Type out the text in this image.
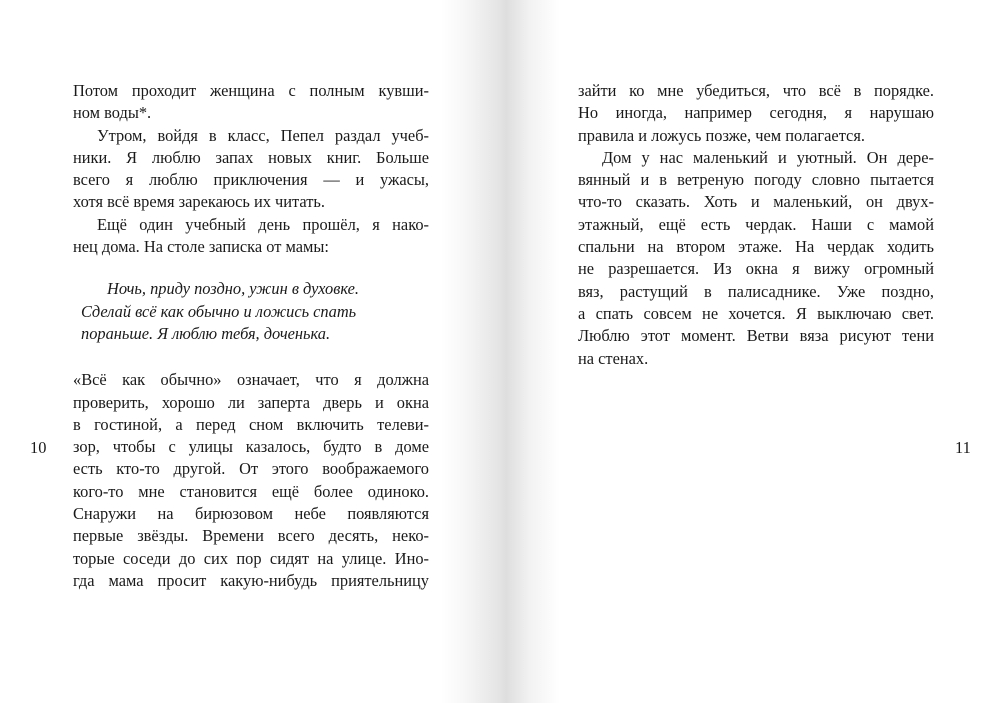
Потом проходит женщина с полным кувши-
ном воды*.
Утром, войдя в класс, Пепел раздал учеб-
ники. Я люблю запах новых книг. Больше
всего я люблю приключения — и ужасы,
хотя всё время зарекаюсь их читать.
Ещё один учебный день прошёл, я нако-
нец дома. На столе записка от мамы:
Ночь, приду поздно, ужин в духовке.
Сделай всё как обычно и ложись спать
пораньше. Я люблю тебя, доченька.
«Всё как обычно» означает, что я должна
проверить, хорошо ли заперта дверь и окна
в гостиной, а перед сном включить телеви-
зор, чтобы с улицы казалось, будто в доме
есть кто-то другой. От этого воображаемого
кого-то мне становится ещё более одиноко.
Снаружи на бирюзовом небе появляются
первые звёзды. Времени всего десять, неко-
торые соседи до сих пор сидят на улице. Ино-
гда мама просит какую-нибудь приятельницу
10
зайти ко мне убедиться, что всё в порядке.
Но иногда, например сегодня, я нарушаю
правила и ложусь позже, чем полагается.
Дом у нас маленький и уютный. Он дере-
вянный и в ветреную погоду словно пытается
что-то сказать. Хоть и маленький, он двух-
этажный, ещё есть чердак. Наши с мамой
спальни на втором этаже. На чердак ходить
не разрешается. Из окна я вижу огромный
вяз, растущий в палисаднике. Уже поздно,
а спать совсем не хочется. Я выключаю свет.
Люблю этот момент. Ветви вяза рисуют тени
на стенах.
11
